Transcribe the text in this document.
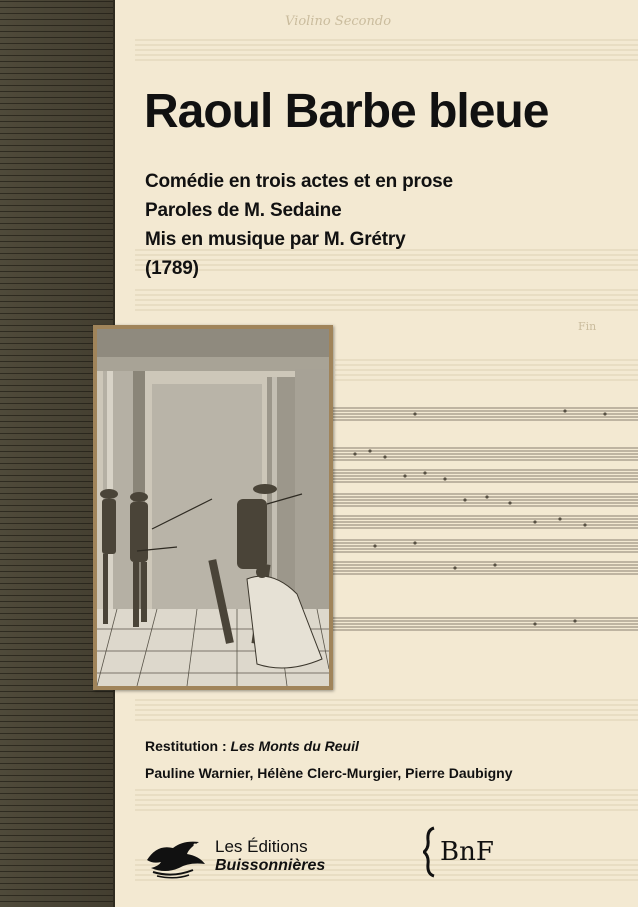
Violino Secondo
Fin
Raoul Barbe bleue

Comédie en trois actes et en prose

Paroles de M. Sedaine

Mis en musique par M. Grétry

(1789)

Restitution : Les Monts du Reuil

Pauline Warnier, Hélène Clerc-Murgier, Pierre Daubigny

Les Éditions
Buissonnières	BnF
